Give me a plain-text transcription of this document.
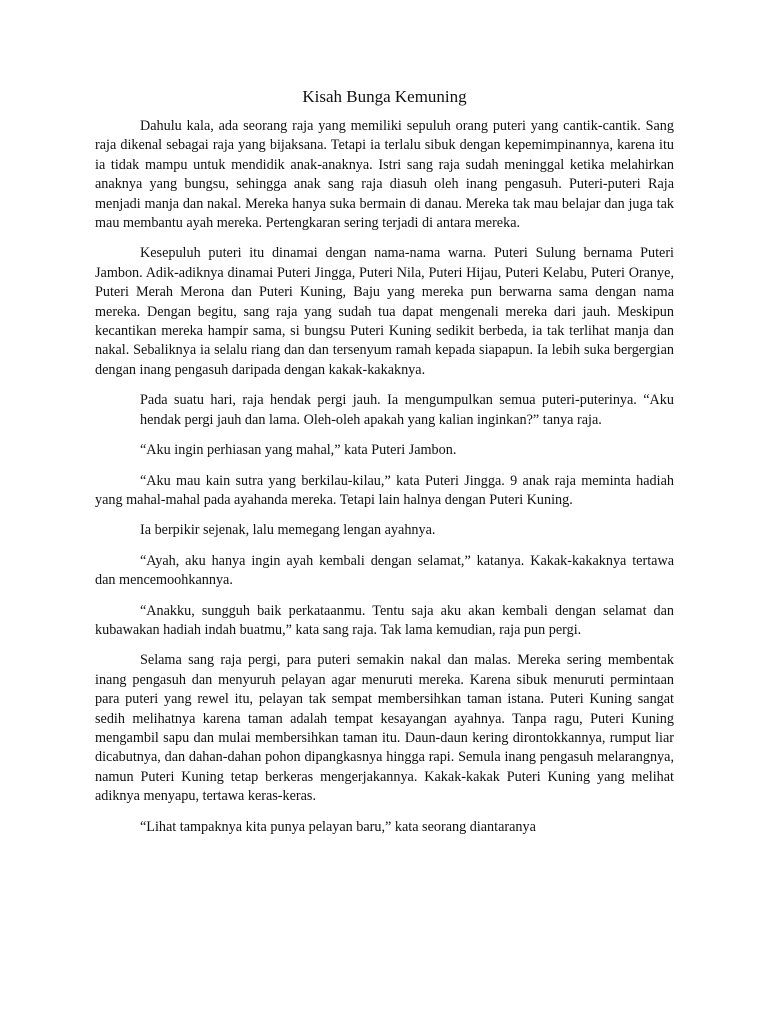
Kisah Bunga Kemuning

Dahulu kala, ada seorang raja yang memiliki sepuluh orang puteri yang cantik-cantik. Sang raja dikenal sebagai raja yang bijaksana. Tetapi ia terlalu sibuk dengan kepemimpinannya, karena itu ia tidak mampu untuk mendidik anak-anaknya. Istri sang raja sudah meninggal ketika melahirkan anaknya yang bungsu, sehingga anak sang raja diasuh oleh inang pengasuh. Puteri-puteri Raja menjadi manja dan nakal. Mereka hanya suka bermain di danau. Mereka tak mau belajar dan juga tak mau membantu ayah mereka. Pertengkaran sering terjadi di antara mereka.

Kesepuluh puteri itu dinamai dengan nama-nama warna. Puteri Sulung bernama Puteri Jambon. Adik-adiknya dinamai Puteri Jingga, Puteri Nila, Puteri Hijau, Puteri Kelabu, Puteri Oranye, Puteri Merah Merona dan Puteri Kuning, Baju yang mereka pun berwarna sama dengan nama mereka. Dengan begitu, sang raja yang sudah tua dapat mengenali mereka dari jauh. Meskipun kecantikan mereka hampir sama, si bungsu Puteri Kuning sedikit berbeda, ia tak terlihat manja dan nakal. Sebaliknya ia selalu riang dan dan tersenyum ramah kepada siapapun. Ia lebih suka bergergian dengan inang pengasuh daripada dengan kakak-kakaknya.

Pada suatu hari, raja hendak pergi jauh. Ia mengumpulkan semua puteri-puterinya. “Aku hendak pergi jauh dan lama. Oleh-oleh apakah yang kalian inginkan?” tanya raja.

“Aku ingin perhiasan yang mahal,” kata Puteri Jambon.

“Aku mau kain sutra yang berkilau-kilau,” kata Puteri Jingga. 9 anak raja meminta hadiah yang mahal-mahal pada ayahanda mereka. Tetapi lain halnya dengan Puteri Kuning.

Ia berpikir sejenak, lalu memegang lengan ayahnya.

“Ayah, aku hanya ingin ayah kembali dengan selamat,” katanya. Kakak-kakaknya tertawa dan mencemoohkannya.

“Anakku, sungguh baik perkataanmu. Tentu saja aku akan kembali dengan selamat dan kubawakan hadiah indah buatmu,” kata sang raja. Tak lama kemudian, raja pun pergi.

Selama sang raja pergi, para puteri semakin nakal dan malas. Mereka sering membentak inang pengasuh dan menyuruh pelayan agar menuruti mereka. Karena sibuk menuruti permintaan para puteri yang rewel itu, pelayan tak sempat membersihkan taman istana. Puteri Kuning sangat sedih melihatnya karena taman adalah tempat kesayangan ayahnya. Tanpa ragu, Puteri Kuning mengambil sapu dan mulai membersihkan taman itu. Daun-daun kering dirontokkannya, rumput liar dicabutnya, dan dahan-dahan pohon dipangkasnya hingga rapi. Semula inang pengasuh melarangnya, namun Puteri Kuning tetap berkeras mengerjakannya. Kakak-kakak Puteri Kuning yang melihat adiknya menyapu, tertawa keras-keras.

“Lihat tampaknya kita punya pelayan baru,” kata seorang diantaranya
